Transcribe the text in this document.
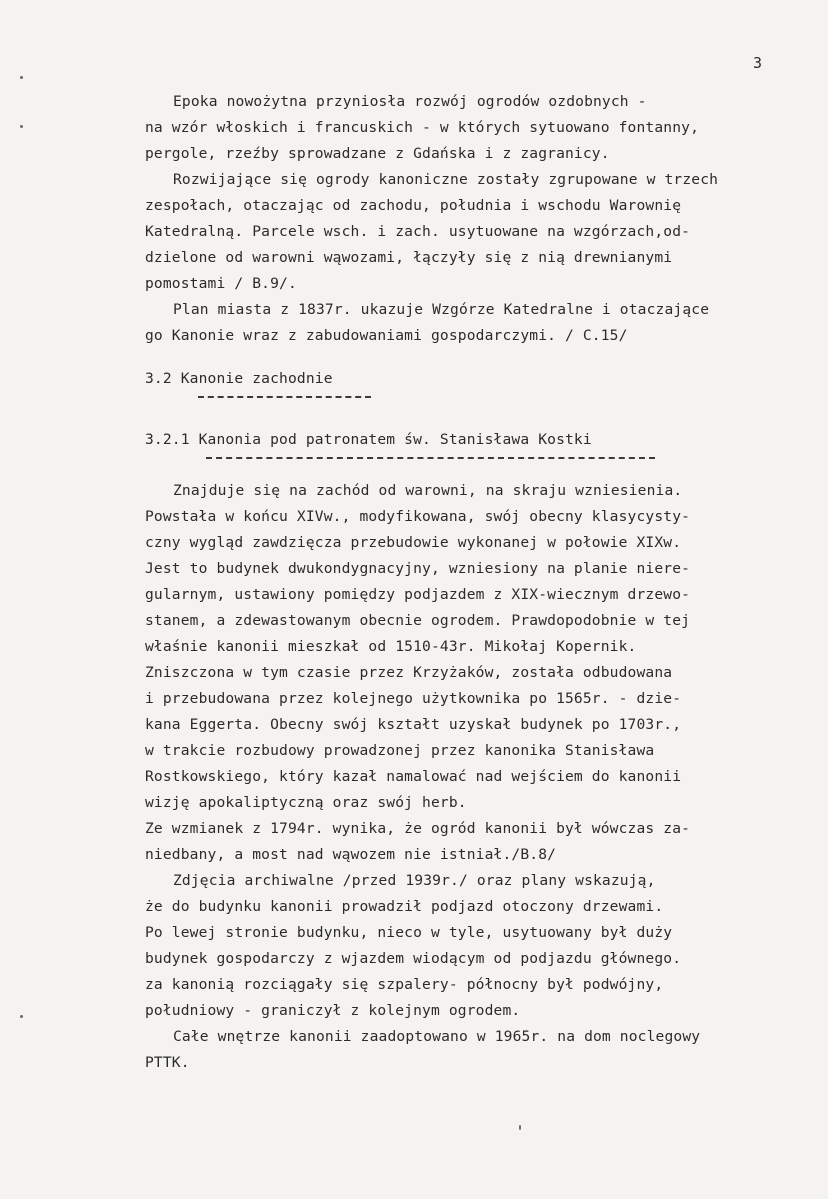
3
Epoka nowożytna przyniosła rozwój ogrodów ozdobnych -
na wzór włoskich i francuskich - w których sytuowano fontanny,
pergole, rzeźby sprowadzane z Gdańska i z zagranicy.
Rozwijające się ogrody kanoniczne zostały zgrupowane w trzech
zespołach, otaczając od zachodu, południa i wschodu Warownię
Katedralną. Parcele wsch. i zach. usytuowane na wzgórzach,od-
dzielone od warowni wąwozami, łączyły się z nią drewnianymi
pomostami / B.9/.
Plan miasta z 1837r. ukazuje Wzgórze Katedralne i otaczające
go Kanonie wraz z zabudowaniami gospodarczymi. / C.15/
3.2 Kanonie zachodnie
3.2.1 Kanonia pod patronatem św. Stanisława Kostki
Znajduje się na zachód od warowni, na skraju wzniesienia.
Powstała w końcu XIVw., modyfikowana, swój obecny klasycysty-
czny wygląd zawdzięcza przebudowie wykonanej w połowie XIXw.
Jest to budynek dwukondygnacyjny, wzniesiony na planie niere-
gularnym, ustawiony pomiędzy podjazdem z XIX-wiecznym drzewo-
stanem, a zdewastowanym obecnie ogrodem. Prawdopodobnie w tej
właśnie kanonii mieszkał od 1510-43r. Mikołaj Kopernik.
Zniszczona w tym czasie przez Krzyżaków, została odbudowana
i przebudowana przez kolejnego użytkownika po 1565r. - dzie-
kana Eggerta. Obecny swój kształt uzyskał budynek po 1703r.,
w trakcie rozbudowy prowadzonej przez kanonika Stanisława
Rostkowskiego, który kazał namalować nad wejściem do kanonii
wizję apokaliptyczną oraz swój herb.
Ze wzmianek z 1794r. wynika, że ogród kanonii był wówczas za-
niedbany, a most nad wąwozem nie istniał./B.8/
Zdjęcia archiwalne /przed 1939r./ oraz plany wskazują,
że do budynku kanonii prowadził podjazd otoczony drzewami.
Po lewej stronie budynku, nieco w tyle, usytuowany był duży
budynek gospodarczy z wjazdem wiodącym od podjazdu głównego.
za kanonią rozciągały się szpalery- północny był podwójny,
południowy - graniczył z kolejnym ogrodem.
Całe wnętrze kanonii zaadoptowano w 1965r. na dom noclegowy
PTTK.
